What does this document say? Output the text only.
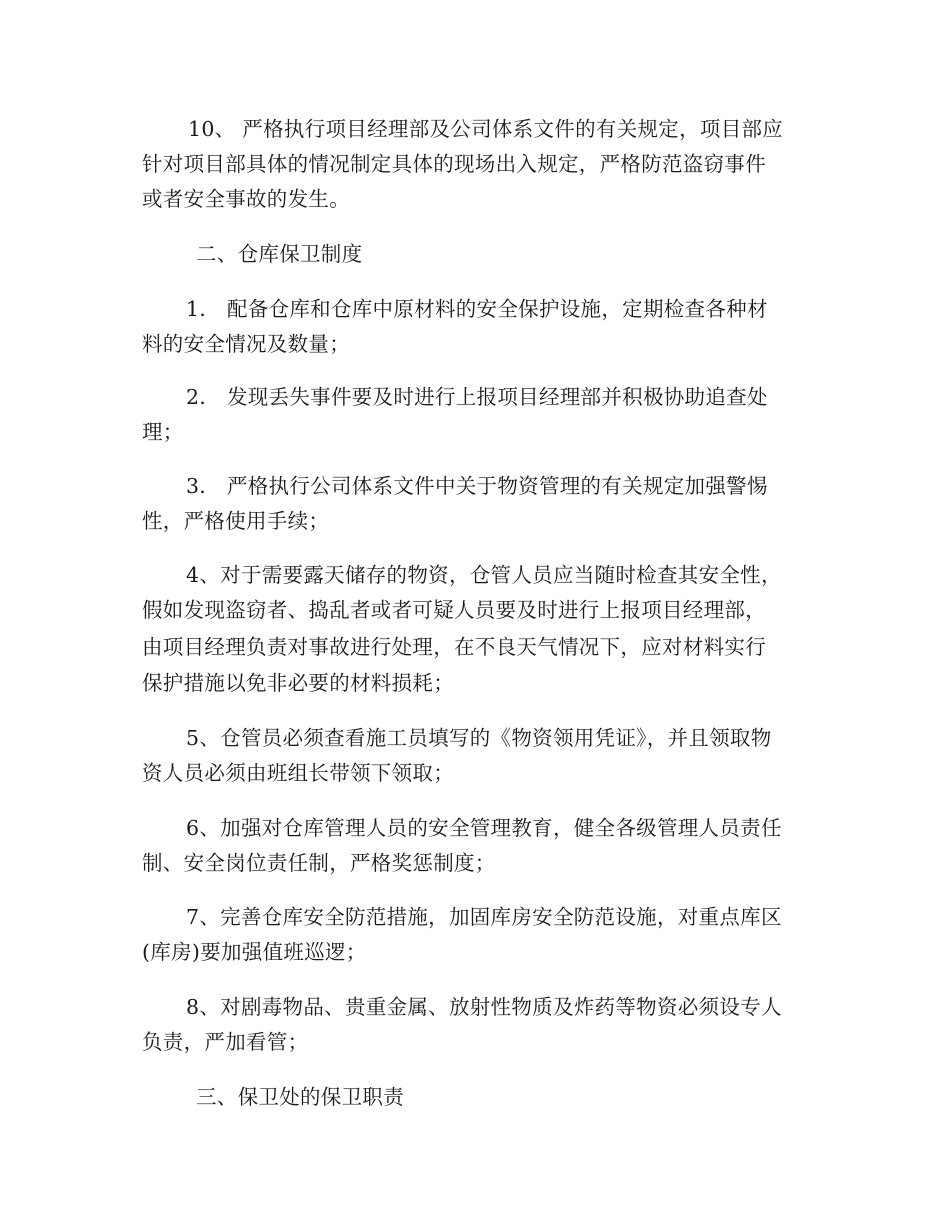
10、 严格执行项目经理部及公司体系文件的有关规定，项目部应
针对项目部具体的情况制定具体的现场出入规定，严格防范盗窃事件
或者安全事故的发生。
二、仓库保卫制度
1． 配备仓库和仓库中原材料的安全保护设施，定期检查各种材
料的安全情况及数量；
2． 发现丢失事件要及时进行上报项目经理部并积极协助追查处
理；
3． 严格执行公司体系文件中关于物资管理的有关规定加强警惕
性，严格使用手续；
4、对于需要露天储存的物资，仓管人员应当随时检查其安全性，
假如发现盗窃者、捣乱者或者可疑人员要及时进行上报项目经理部，
由项目经理负责对事故进行处理，在不良天气情况下，应对材料实行
保护措施以免非必要的材料损耗；
5、仓管员必须查看施工员填写的《物资领用凭证》，并且领取物
资人员必须由班组长带领下领取；
6、加强对仓库管理人员的安全管理教育，健全各级管理人员责任
制、安全岗位责任制，严格奖惩制度；
7、完善仓库安全防范措施，加固库房安全防范设施，对重点库区
(库房)要加强值班巡逻；
8、对剧毒物品、贵重金属、放射性物质及炸药等物资必须设专人
负责，严加看管；
三、保卫处的保卫职责
